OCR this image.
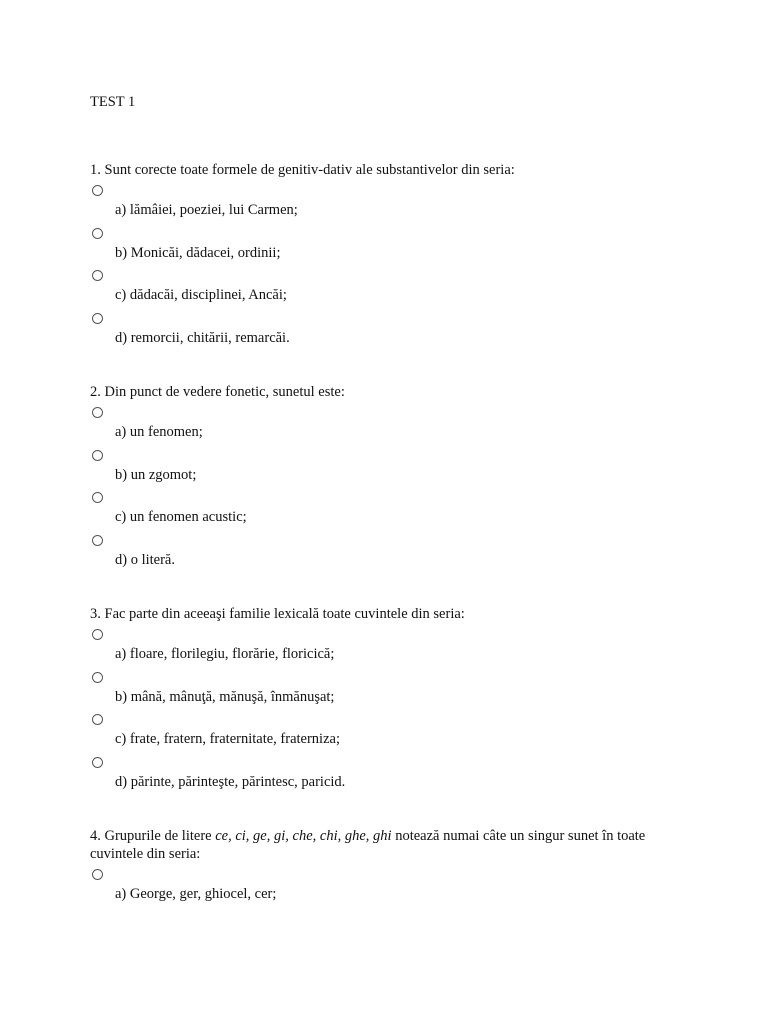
TEST 1

1. Sunt corecte toate formele de genitiv-dativ ale substantivelor din seria:

a) lămâiei, poeziei, lui Carmen;
b) Monicăi, dădacei, ordinii;
c) dădacăi, disciplinei, Ancăi;
d) remorcii, chitării, remarcăi.

2. Din punct de vedere fonetic, sunetul este:

a) un fenomen;
b) un zgomot;
c) un fenomen acustic;
d) o literă.

3. Fac parte din aceeaşi familie lexicală toate cuvintele din seria:

a) floare, florilegiu, florărie, floricică;
b) mână, mânuţă, mănuşă, înmănuşat;
c) frate, fratern, fraternitate, fraterniza;
d) părinte, părinteşte, părintesc, paricid.

4. Grupurile de litere ce, ci, ge, gi, che, chi, ghe, ghi notează numai câte un singur sunet în toate cuvintele din seria:

a) George, ger, ghiocel, cer;
